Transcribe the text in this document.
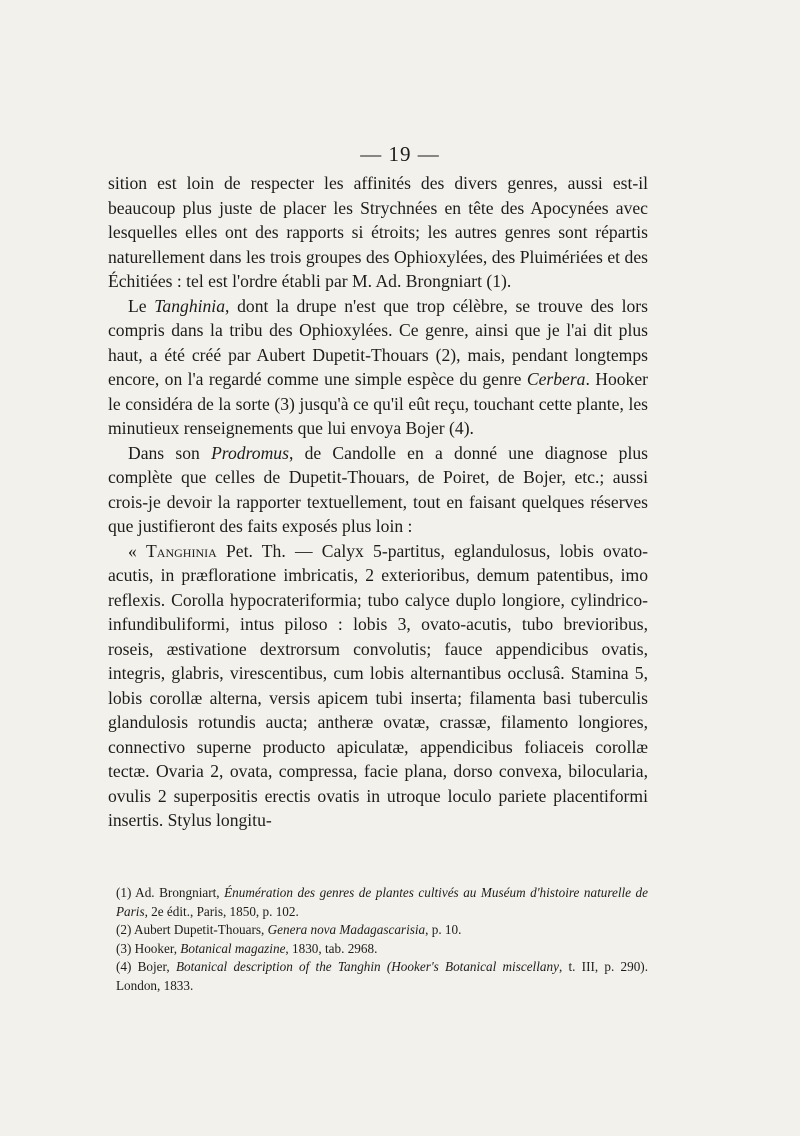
— 19 —

sition est loin de respecter les affinités des divers genres, aussi est-il beaucoup plus juste de placer les Strychnées en tête des Apocynées avec lesquelles elles ont des rapports si étroits; les autres genres sont répartis naturellement dans les trois groupes des Ophioxylées, des Pluimériées et des Échitiées : tel est l'ordre établi par M. Ad. Brongniart (1).

Le Tanghinia, dont la drupe n'est que trop célèbre, se trouve des lors compris dans la tribu des Ophioxylées. Ce genre, ainsi que je l'ai dit plus haut, a été créé par Aubert Dupetit-Thouars (2), mais, pendant longtemps encore, on l'a regardé comme une simple espèce du genre Cerbera. Hooker le considéra de la sorte (3) jusqu'à ce qu'il eût reçu, touchant cette plante, les minutieux renseignements que lui envoya Bojer (4).

Dans son Prodromus, de Candolle en a donné une diagnose plus complète que celles de Dupetit-Thouars, de Poiret, de Bojer, etc.; aussi crois-je devoir la rapporter textuellement, tout en faisant quelques réserves que justifieront des faits exposés plus loin :

« Tanghinia Pet. Th. — Calyx 5-partitus, eglandulosus, lobis ovato-acutis, in præfloratione imbricatis, 2 exterioribus, demum patentibus, imo reflexis. Corolla hypocrateriformia; tubo calyce duplo longiore, cylindrico-infundibuliformi, intus piloso : lobis 3, ovato-acutis, tubo brevioribus, roseis, æstivatione dextrorsum convolutis; fauce appendicibus ovatis, integris, glabris, virescentibus, cum lobis alternantibus occlusâ. Stamina 5, lobis corollæ alterna, versis apicem tubi inserta; filamenta basi tuberculis glandulosis rotundis aucta; antheræ ovatæ, crassæ, filamento longiores, connectivo superne producto apiculatæ, appendicibus foliaceis corollæ tectæ. Ovaria 2, ovata, compressa, facie plana, dorso convexa, bilocularia, ovulis 2 superpositis erectis ovatis in utroque loculo pariete placentiformi insertis. Stylus longitu-

(1) Ad. Brongniart, Énumération des genres de plantes cultivés au Muséum d'histoire naturelle de Paris, 2e édit., Paris, 1850, p. 102.

(2) Aubert Dupetit-Thouars, Genera nova Madagascarisia, p. 10.

(3) Hooker, Botanical magazine, 1830, tab. 2968.

(4) Bojer, Botanical description of the Tanghin (Hooker's Botanical miscellany, t. III, p. 290). London, 1833.
